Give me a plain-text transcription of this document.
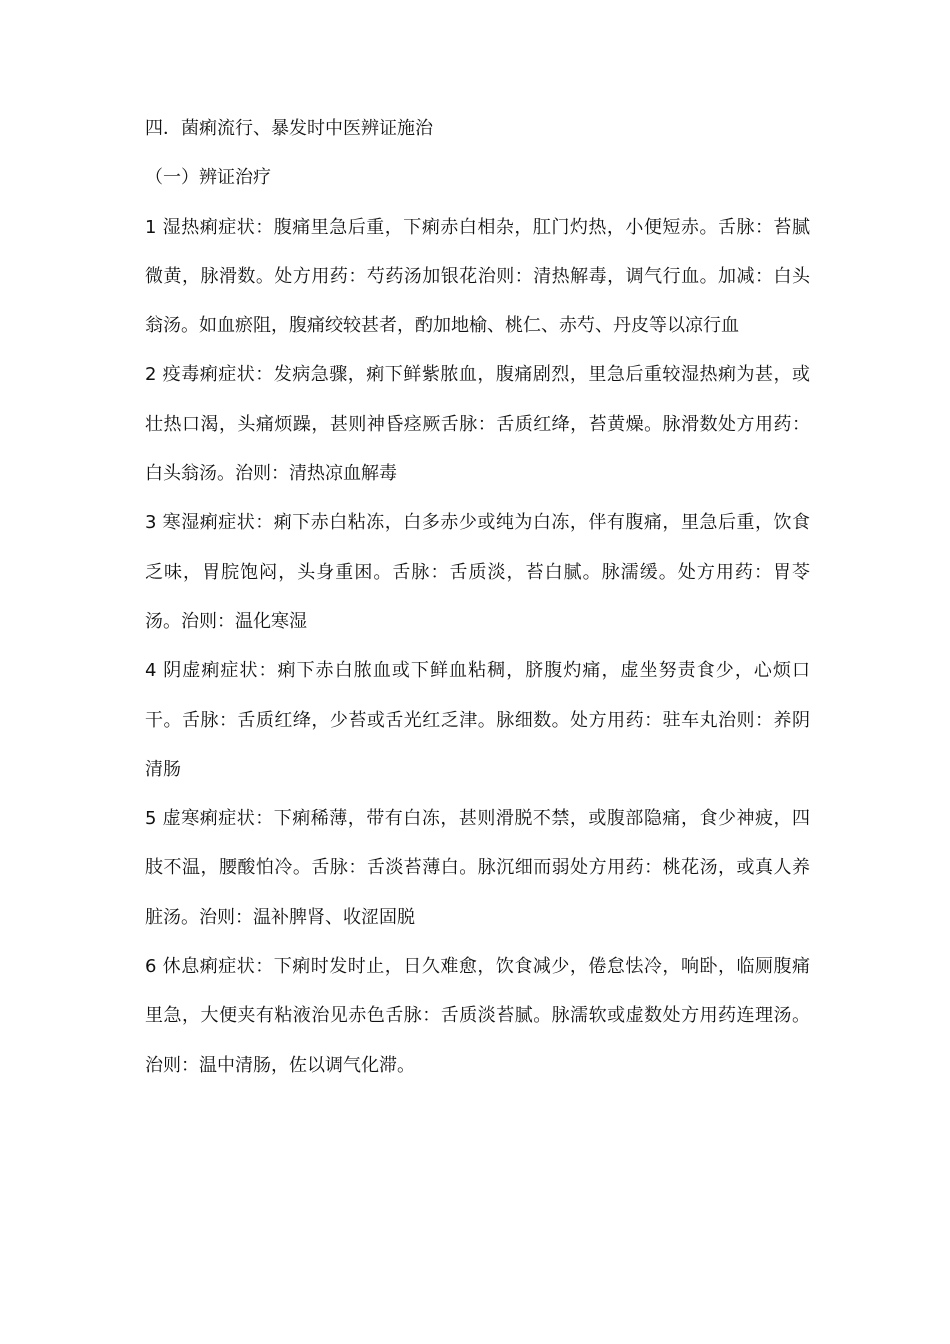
四．菌痢流行、暴发时中医辨证施治

（一）辨证治疗

1 湿热痢症状：腹痛里急后重，下痢赤白相杂，肛门灼热，小便短赤。舌脉：苔腻微黄，脉滑数。处方用药：芍药汤加银花治则：清热解毒，调气行血。加减：白头翁汤。如血瘀阻，腹痛绞较甚者，酌加地榆、桃仁、赤芍、丹皮等以凉行血

2 疫毒痢症状：发病急骤，痢下鲜紫脓血，腹痛剧烈，里急后重较湿热痢为甚，或壮热口渴，头痛烦躁，甚则神昏痉厥舌脉：舌质红绛，苔黄燥。脉滑数处方用药：白头翁汤。治则：清热凉血解毒

3 寒湿痢症状：痢下赤白粘冻，白多赤少或纯为白冻，伴有腹痛，里急后重，饮食乏味，胃脘饱闷，头身重困。舌脉：舌质淡，苔白腻。脉濡缓。处方用药：胃苓汤。治则：温化寒湿

4 阴虚痢症状：痢下赤白脓血或下鲜血粘稠，脐腹灼痛，虚坐努责食少，心烦口干。舌脉：舌质红绛，少苔或舌光红乏津。脉细数。处方用药：驻车丸治则：养阴清肠

5 虚寒痢症状：下痢稀薄，带有白冻，甚则滑脱不禁，或腹部隐痛，食少神疲，四肢不温，腰酸怕冷。舌脉：舌淡苔薄白。脉沉细而弱处方用药：桃花汤，或真人养脏汤。治则：温补脾肾、收涩固脱

6 休息痢症状：下痢时发时止，日久难愈，饮食减少，倦怠怯冷，响卧，临厕腹痛里急，大便夹有粘液治见赤色舌脉：舌质淡苔腻。脉濡软或虚数处方用药连理汤。治则：温中清肠，佐以调气化滞。
